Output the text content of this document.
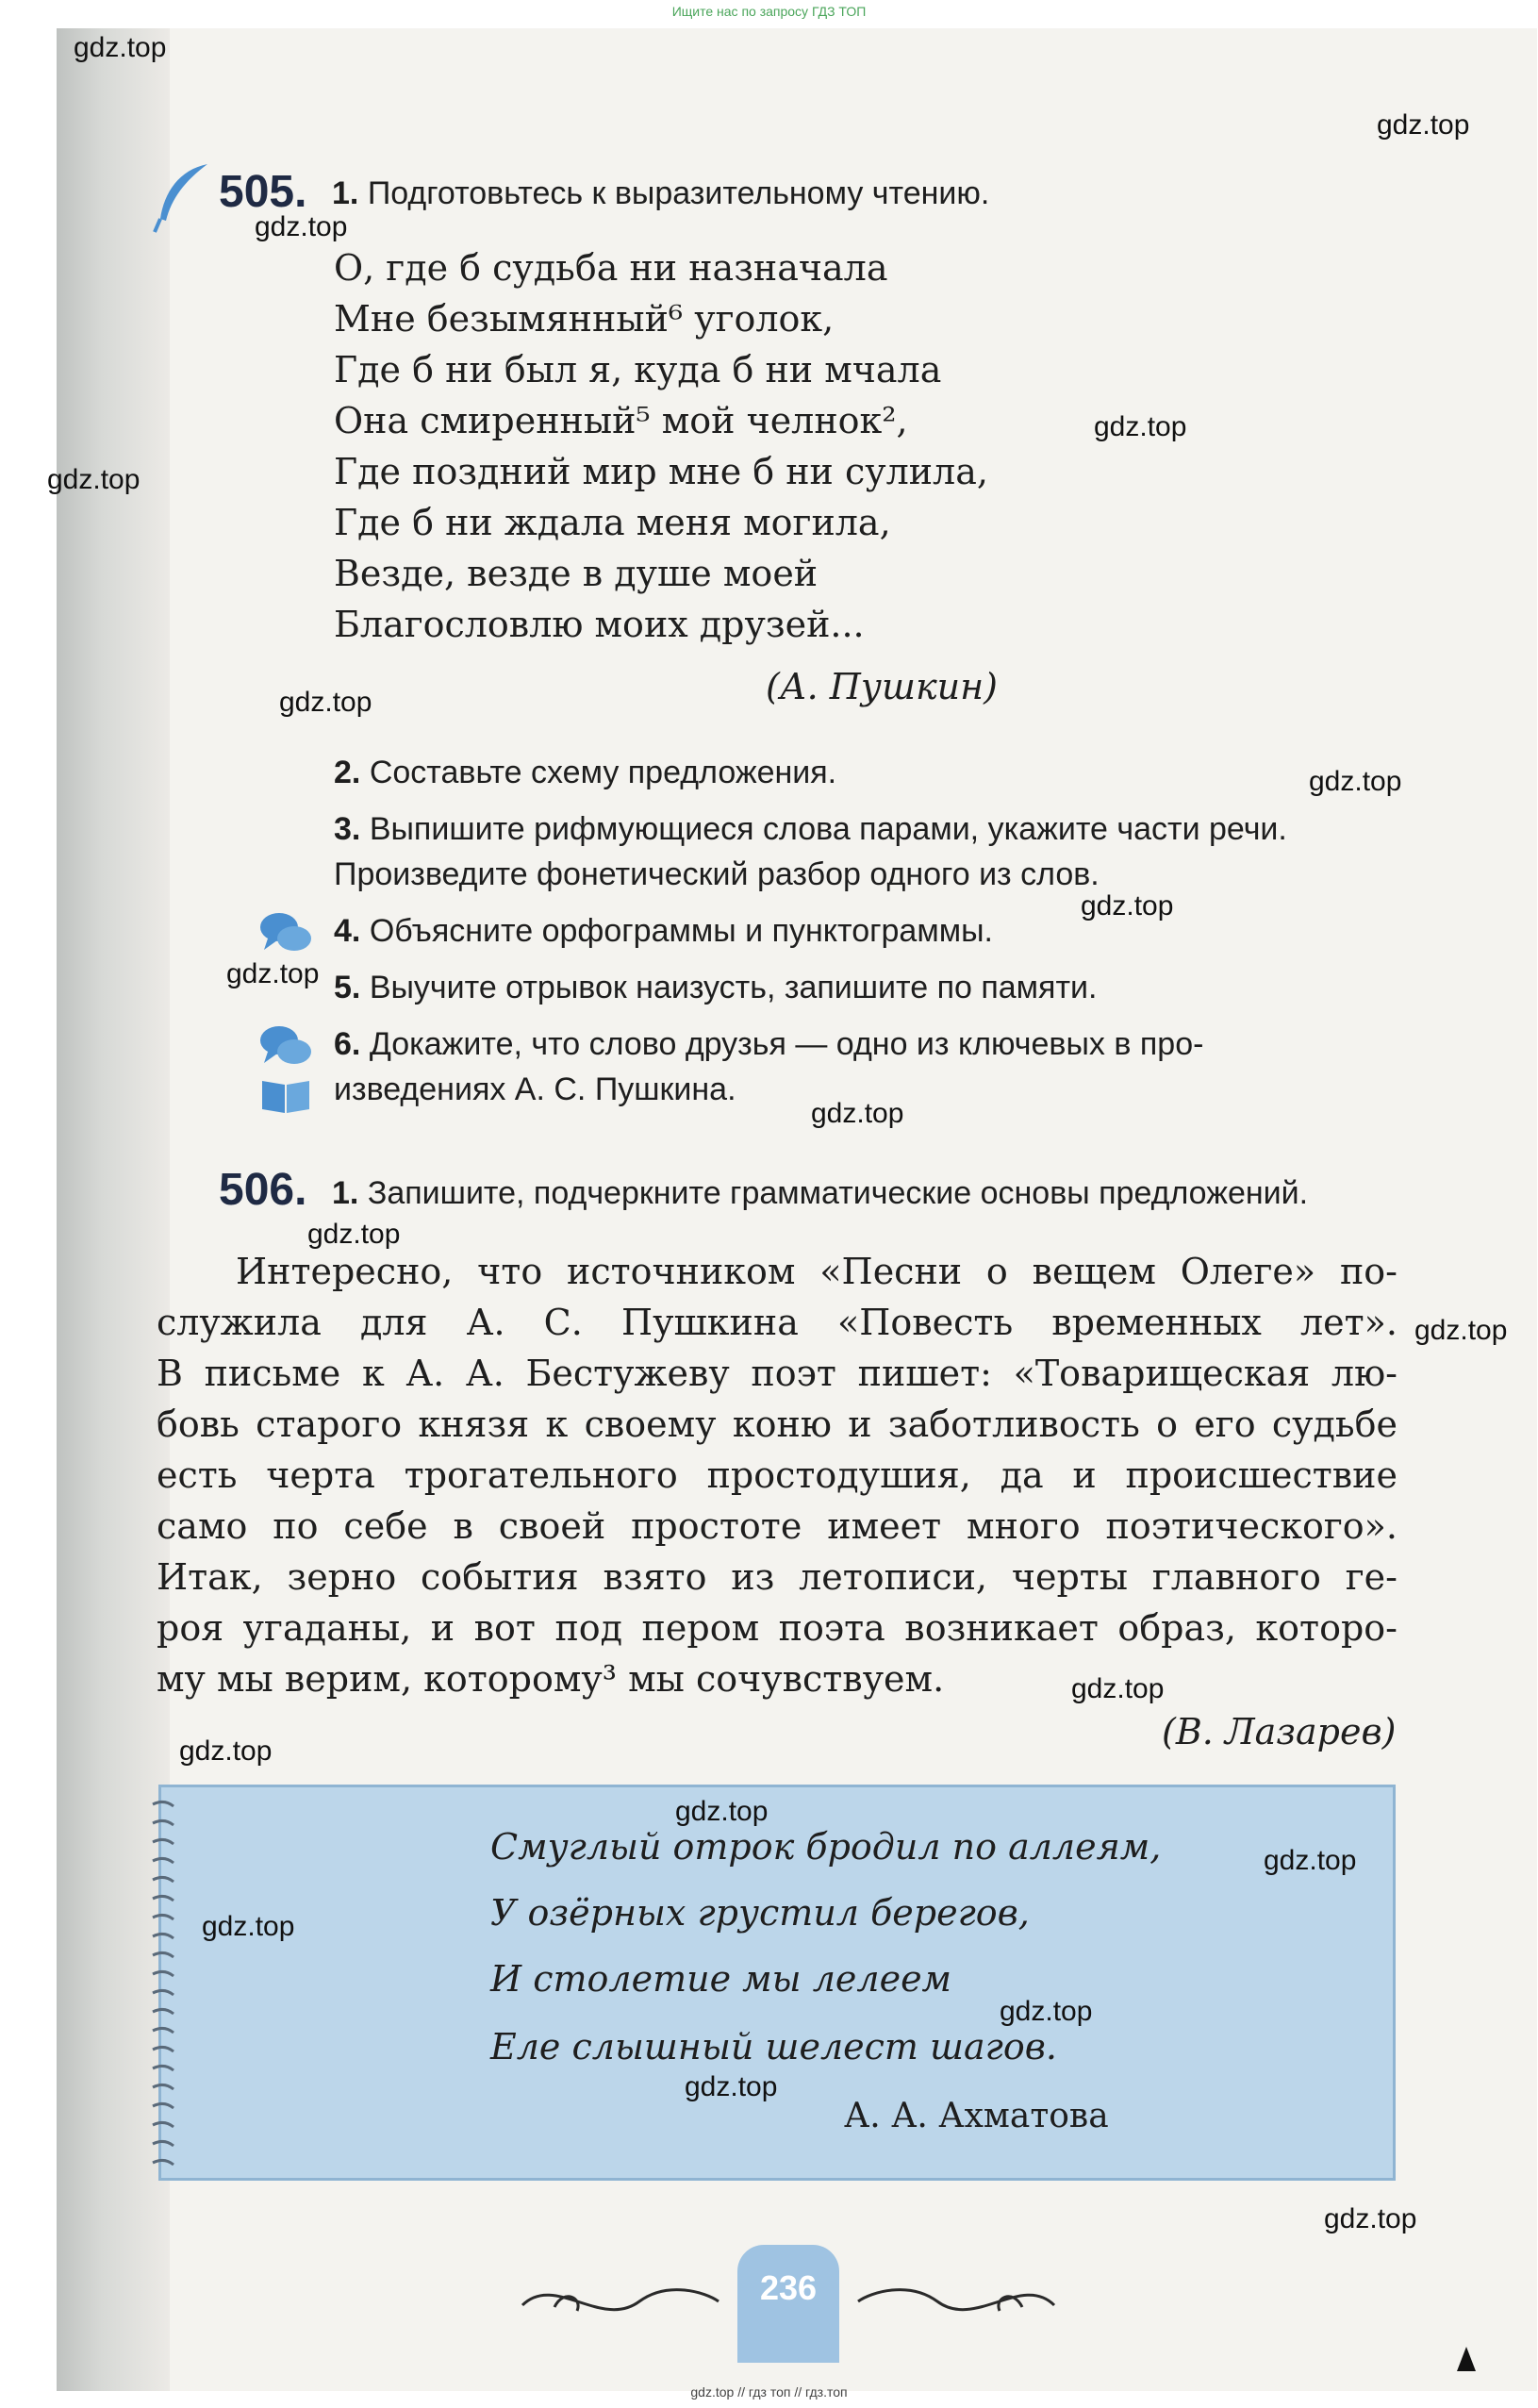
Ищите нас по запросу ГДЗ ТОП
505. 1. Подготовьтесь к выразительному чтению.
О, где б судьба ни назначала
Мне безымянный⁶ уголок,
Где б ни был я, куда б ни мчала
Она смиренный⁵ мой челнок²,
Где поздний мир мне б ни сулила,
Где б ни ждала меня могила,
Везде, везде в душе моей
Благословлю моих друзей...
(А. Пушкин)
2. Составьте схему предложения.
3. Выпишите рифмующиеся слова парами, укажите части речи.
Произведите фонетический разбор одного из слов.
4. Объясните орфограммы и пунктограммы.
5. Выучите отрывок наизусть, запишите по памяти.
6. Докажите, что слово друзья — одно из ключевых в про-
изведениях А. С. Пушкина.
506. 1. Запишите, подчеркните грамматические основы предложений.
Интересно, что источником «Песни о вещем Олеге» по-
служила для А. С. Пушкина «Повесть временных лет».
В письме к А. А. Бестужеву поэт пишет: «Товарищеская лю-
бовь старого князя к своему коню и заботливость о его судьбе
есть черта трогательного простодушия, да и происшествие
само по себе в своей простоте имеет много поэтического».
Итак, зерно события взято из летописи, черты главного ге-
роя угаданы, и вот под пером поэта возникает образ, которо-
му мы верим, которому³ мы сочувствуем.
(В. Лазарев)
Смуглый отрок бродил по аллеям,
У озёрных грустил берегов,
И столетие мы лелеем
Еле слышный шелест шагов.
А. А. Ахматова
236
gdz.top
gdz.top
gdz.top
gdz.top
gdz.top
gdz.top
gdz.top
gdz.top
gdz.top
gdz.top
gdz.top
gdz.top
gdz.top
gdz.top
gdz.top
gdz.top
gdz.top
gdz.top
gdz.top
gdz.top
gdz.top // гдз топ // гдз.топ
